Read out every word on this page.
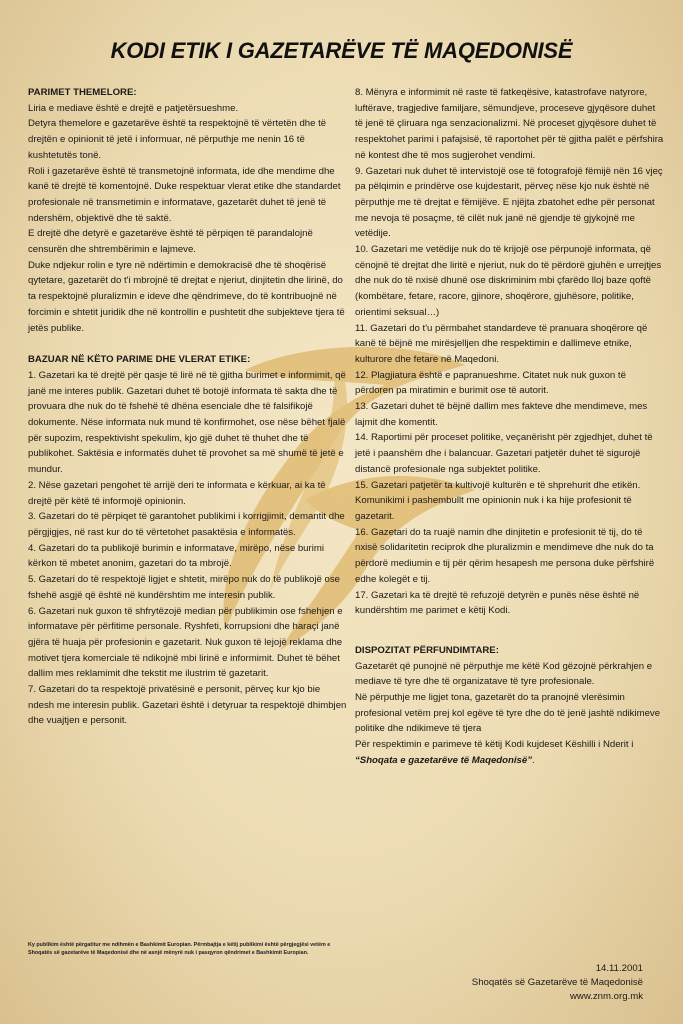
KODI ETIK I GAZETARËVE TË MAQEDONISË

PARIMET THEMELORE:

Liria e mediave është e drejtë e patjetërsueshme.

Detyra themelore e gazetarëve është ta respektojnë të vërtetën dhe të drejtën e opinionit të jetë i informuar, në përputhje me nenin 16 të kushtetutës tonë.

Roli i gazetarëve është të transmetojnë informata, ide dhe mendime dhe kanë të drejtë të komentojnë. Duke respektuar vlerat etike dhe standardet profesionale në transmetimin e informatave, gazetarët duhet të jenë të ndershëm, objektivë dhe të saktë.

E drejtë dhe detyrë e gazetarëve është të përpiqen të parandalojnë censurën dhe shtrembërimin e lajmeve.

Duke ndjekur rolin e tyre në ndërtimin e demokracisë dhe të shoqërisë qytetare, gazetarët do t'i mbrojnë të drejtat e njeriut, dinjitetin dhe lirinë, do ta respektojnë pluralizmin e ideve dhe qëndrimeve, do të kontribuojnë në forcimin e shtetit juridik dhe në kontrollin e pushtetit dhe subjekteve tjera të jetës publike.

BAZUAR NË KËTO PARIME DHE VLERAT ETIKE:

1. Gazetari ka të drejtë për qasje të lirë në të gjitha burimet e informimit, që janë me interes publik. Gazetari duhet të botojë informata të sakta dhe të provuara dhe nuk do të fshehë të dhëna esenciale dhe të falsifikojë dokumente. Nëse informata nuk mund të konfirmohet, ose nëse bëhet fjalë për supozim, respektivisht spekulim, kjo gjë duhet të thuhet dhe të publikohet. Saktësia e informatës duhet të provohet sa më shumë të jetë e mundur.

2. Nëse gazetari pengohet të arrijë deri te informata e kërkuar, ai ka të drejtë për këtë të informojë opinionin.

3. Gazetari do të përpiqet të garantohet publikimi i korrigjimit, demantit dhe përgjigjes, në rast kur do të vërtetohet pasaktësia e informatës.

4. Gazetari do ta publikojë burimin e informatave, mirëpo, nëse burimi kërkon të mbetet anonim, gazetari do ta mbrojë.

5. Gazetari do të respektojë ligjet e shtetit, mirëpo nuk do të publikojë ose fshehë asgjë që është në kundërshtim me interesin publik.

6. Gazetari nuk guxon të shfrytëzojë median për publikimin ose fshehjen e informatave për përfitime personale. Ryshfeti, korrupsioni dhe haraçi janë gjëra të huaja për profesionin e gazetarit. Nuk guxon të lejojë reklama dhe motivet tjera komerciale të ndikojnë mbi lirinë e informimit. Duhet të bëhet dallim mes reklamimit dhe tekstit me ilustrim të gazetarit.

7. Gazetari do ta respektojë privatësinë e personit, përveç kur kjo bie ndesh me interesin publik. Gazetari është i detyruar ta respektojë dhimbjen dhe vuajtjen e personit.

8. Mënyra e informimit në raste të fatkeqësive, katastrofave natyrore, luftërave, tragjedive familjare, sëmundjeve, proceseve gjyqësore duhet të jenë të çliruara nga senzacionalizmi. Në proceset gjyqësore duhet të respektohet parimi i pafajsisë, të raportohet për të gjitha palët e përfshira në kontest dhe të mos sugjerohet vendimi.

9. Gazetari nuk duhet të intervistojë ose të fotografojë fëmijë nën 16 vjeç pa pëlqimin e prindërve ose kujdestarit, përveç nëse kjo nuk është në përputhje me të drejtat e fëmijëve. E njëjta zbatohet edhe për personat me nevoja të posaçme, të cilët nuk janë në gjendje të gjykojnë me vetëdije.

10. Gazetari me vetëdije nuk do të krijojë ose përpunojë informata, që cënojnë të drejtat dhe liritë e njeriut, nuk do të përdorë gjuhën e urrejtjes dhe nuk do të nxisë dhunë ose diskriminim mbi çfarëdo lloj baze qoftë (kombëtare, fetare, racore, gjinore, shoqërore, gjuhësore, politike, orientimi seksual…)

11. Gazetari do t'u përmbahet standardeve të pranuara shoqërore që kanë të bëjnë me mirësjelljen dhe respektimin e dallimeve etnike, kulturore dhe fetare në Maqedoni.

12. Plagjiatura është e papranueshme. Citatet nuk nuk guxon të përdoren pa miratimin e burimit ose të autorit.

13. Gazetari duhet të bëjnë dallim mes fakteve dhe mendimeve, mes lajmit dhe komentit.

14. Raportimi për proceset politike, veçanërisht për zgjedhjet, duhet të jetë i paanshëm dhe i balancuar. Gazetari patjetër duhet të sigurojë distancë profesionale nga subjektet politike.

15. Gazetari patjetër ta kultivojë kulturën e të shprehurit dhe etikën. Komunikimi i pashembullt me opinionin nuk i ka hije profesionit të gazetarit.

16. Gazetari do ta ruajë namin dhe dinjitetin e profesionit të tij, do të nxisë solidaritetin reciprok dhe pluralizmin e mendimeve dhe nuk do ta përdorë mediumin e tij për qërim hesapesh me persona duke përfshirë edhe kolegët e tij.

17. Gazetari ka të drejtë të refuzojë detyrën e punës nëse është në kundërshtim me parimet e këtij Kodi.

DISPOZITAT PËRFUNDIMTARE:

Gazetarët që punojnë në përputhje me këtë Kod gëzojnë përkrahjen e mediave të tyre dhe të organizatave të tyre profesionale.

Në përputhje me ligjet tona, gazetarët do ta pranojnë vlerësimin profesional vetëm prej kol egëve të tyre dhe do të jenë jashtë ndikimeve politike dhe ndikimeve të tjera

Për respektimin e parimeve të këtij Kodi kujdeset Këshilli i Nderit i “Shoqata e gazetarëve të Maqedonisë”.

Ky publikim është përgatitur me ndihmën e Bashkimit Europian. Përmbajtja e këtij publikimi është përgjegjësi vetëm e Shoqatës së gazetarëve të Maqedonisë dhe në asnjë mënyrë nuk i pasqyron qëndrimet e Bashkimit Europian.
14.11.2001
Shoqatës së Gazetarëve të Maqedonisë
www.znm.org.mk
